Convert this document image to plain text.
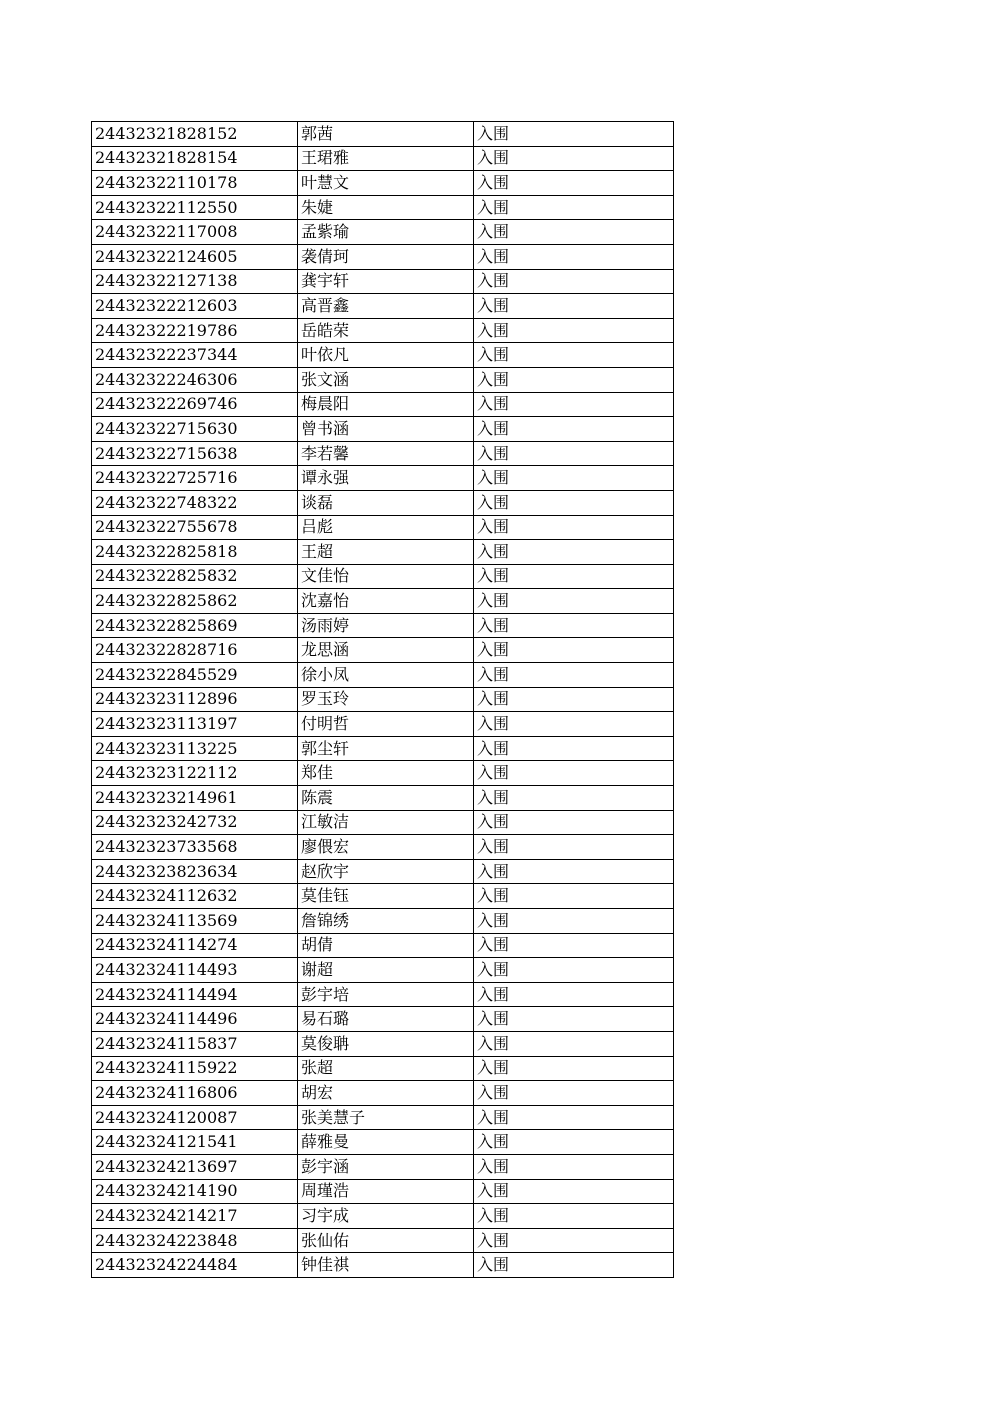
24432321828152	郭茜	入围
24432321828154	王珺雅	入围
24432322110178	叶慧文	入围
24432322112550	朱婕	入围
24432322117008	孟紫瑜	入围
24432322124605	袭倩珂	入围
24432322127138	龚宇轩	入围
24432322212603	高晋鑫	入围
24432322219786	岳皓荣	入围
24432322237344	叶依凡	入围
24432322246306	张文涵	入围
24432322269746	梅晨阳	入围
24432322715630	曾书涵	入围
24432322715638	李若馨	入围
24432322725716	谭永强	入围
24432322748322	谈磊	入围
24432322755678	吕彪	入围
24432322825818	王超	入围
24432322825832	文佳怡	入围
24432322825862	沈嘉怡	入围
24432322825869	汤雨婷	入围
24432322828716	龙思涵	入围
24432322845529	徐小凤	入围
24432323112896	罗玉玲	入围
24432323113197	付明哲	入围
24432323113225	郭尘轩	入围
24432323122112	郑佳	入围
24432323214961	陈震	入围
24432323242732	江敏洁	入围
24432323733568	廖偎宏	入围
24432323823634	赵欣宇	入围
24432324112632	莫佳钰	入围
24432324113569	詹锦绣	入围
24432324114274	胡倩	入围
24432324114493	谢超	入围
24432324114494	彭宇培	入围
24432324114496	易石璐	入围
24432324115837	莫俊聃	入围
24432324115922	张超	入围
24432324116806	胡宏	入围
24432324120087	张美慧子	入围
24432324121541	薛雅曼	入围
24432324213697	彭宇涵	入围
24432324214190	周瑾浩	入围
24432324214217	习宇成	入围
24432324223848	张仙佑	入围
24432324224484	钟佳祺	入围
